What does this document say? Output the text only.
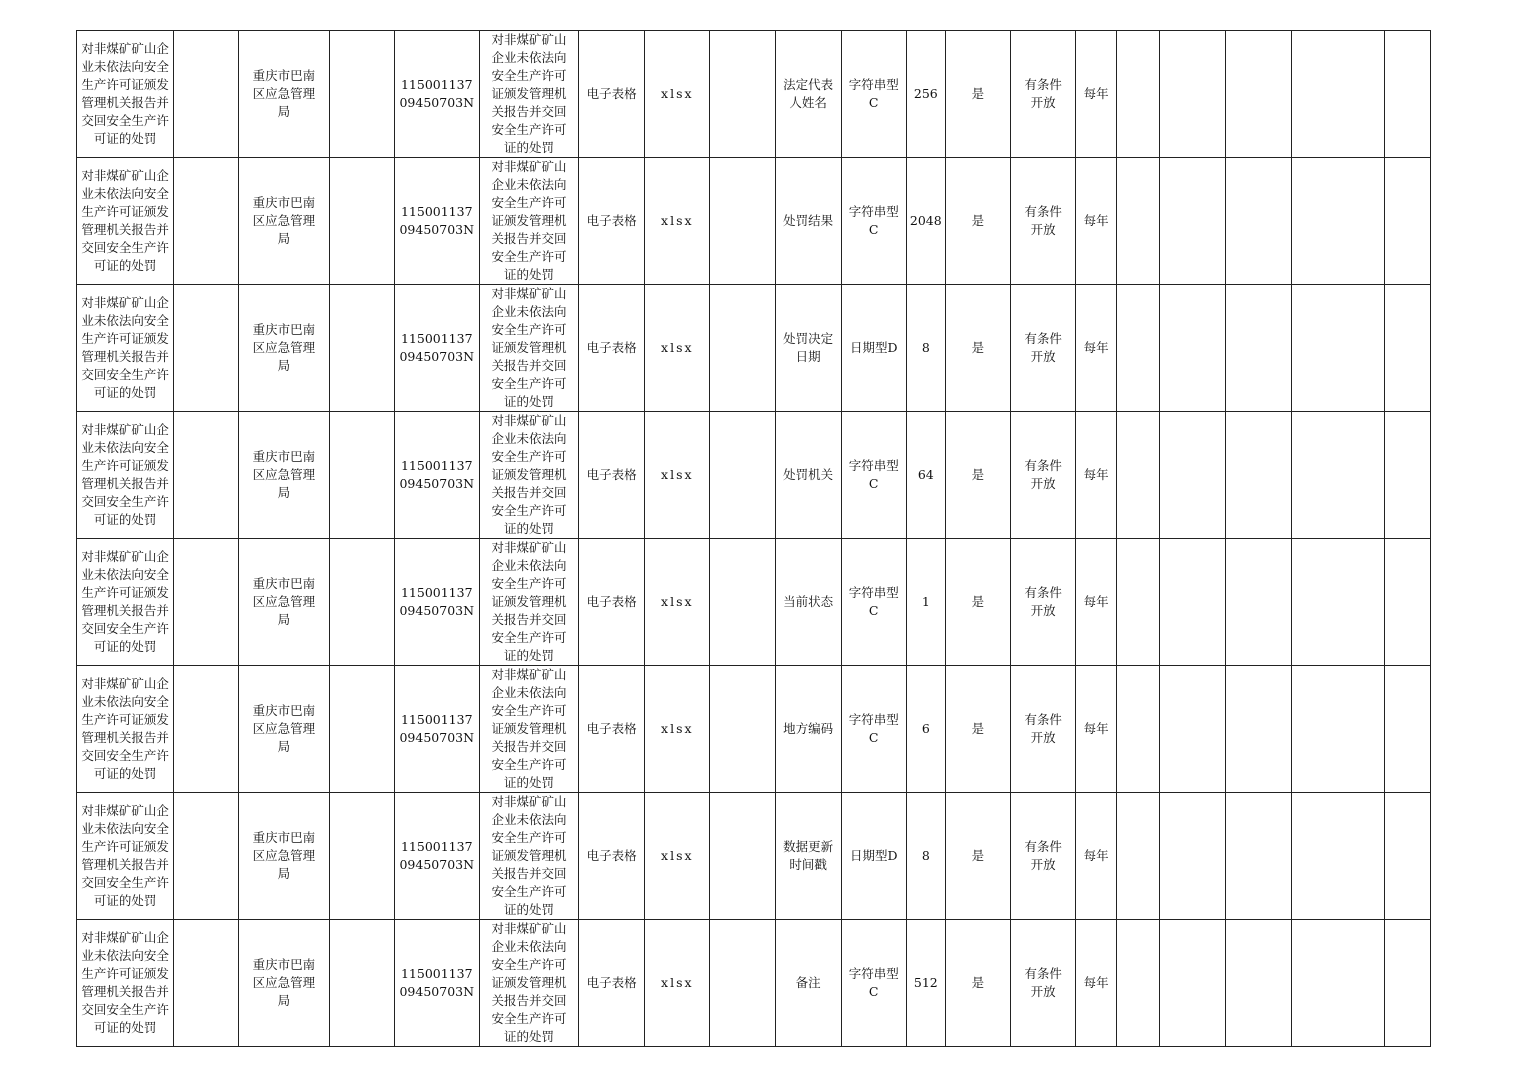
对非煤矿矿山企业未依法向安全生产许可证颁发管理机关报告并交回安全生产许可证的处罚		重庆市巴南区应急管理局		11500113709450703N	对非煤矿矿山企业未依法向安全生产许可证颁发管理机关报告并交回安全生产许可证的处罚	电子表格	xlsx		法定代表人姓名	字符串型C	256	是	有条件开放	每年					

对非煤矿矿山企业未依法向安全生产许可证颁发管理机关报告并交回安全生产许可证的处罚		重庆市巴南区应急管理局		11500113709450703N	对非煤矿矿山企业未依法向安全生产许可证颁发管理机关报告并交回安全生产许可证的处罚	电子表格	xlsx		处罚结果	字符串型C	2048	是	有条件开放	每年					

对非煤矿矿山企业未依法向安全生产许可证颁发管理机关报告并交回安全生产许可证的处罚		重庆市巴南区应急管理局		11500113709450703N	对非煤矿矿山企业未依法向安全生产许可证颁发管理机关报告并交回安全生产许可证的处罚	电子表格	xlsx		处罚决定日期	日期型D	8	是	有条件开放	每年					

对非煤矿矿山企业未依法向安全生产许可证颁发管理机关报告并交回安全生产许可证的处罚		重庆市巴南区应急管理局		11500113709450703N	对非煤矿矿山企业未依法向安全生产许可证颁发管理机关报告并交回安全生产许可证的处罚	电子表格	xlsx		处罚机关	字符串型C	64	是	有条件开放	每年					

对非煤矿矿山企业未依法向安全生产许可证颁发管理机关报告并交回安全生产许可证的处罚		重庆市巴南区应急管理局		11500113709450703N	对非煤矿矿山企业未依法向安全生产许可证颁发管理机关报告并交回安全生产许可证的处罚	电子表格	xlsx		当前状态	字符串型C	1	是	有条件开放	每年					

对非煤矿矿山企业未依法向安全生产许可证颁发管理机关报告并交回安全生产许可证的处罚		重庆市巴南区应急管理局		11500113709450703N	对非煤矿矿山企业未依法向安全生产许可证颁发管理机关报告并交回安全生产许可证的处罚	电子表格	xlsx		地方编码	字符串型C	6	是	有条件开放	每年					

对非煤矿矿山企业未依法向安全生产许可证颁发管理机关报告并交回安全生产许可证的处罚		重庆市巴南区应急管理局		11500113709450703N	对非煤矿矿山企业未依法向安全生产许可证颁发管理机关报告并交回安全生产许可证的处罚	电子表格	xlsx		数据更新时间戳	日期型D	8	是	有条件开放	每年					

对非煤矿矿山企业未依法向安全生产许可证颁发管理机关报告并交回安全生产许可证的处罚		重庆市巴南区应急管理局		11500113709450703N	对非煤矿矿山企业未依法向安全生产许可证颁发管理机关报告并交回安全生产许可证的处罚	电子表格	xlsx		备注	字符串型C	512	是	有条件开放	每年					
